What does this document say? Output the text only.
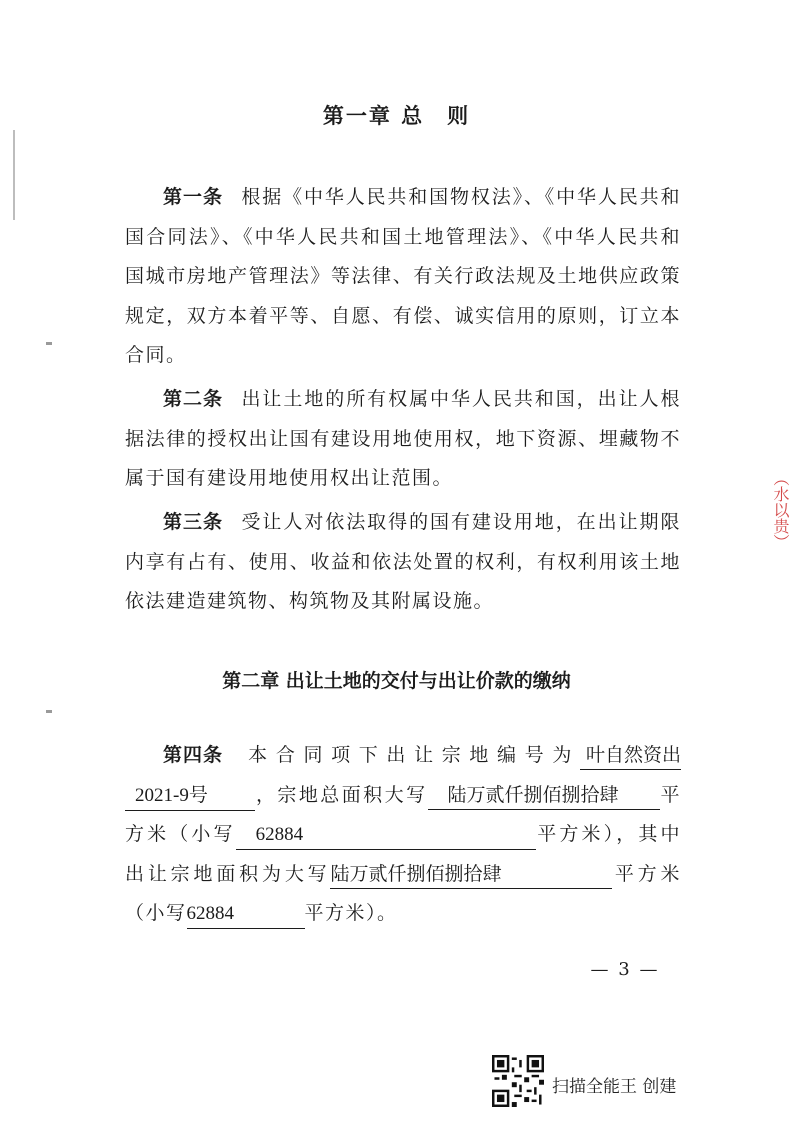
（水以贵）
第一章 总　则
第一条 根据《中华人民共和国物权法》、《中华人民共和国合同法》、《中华人民共和国土地管理法》、《中华人民共和国城市房地产管理法》等法律、有关行政法规及土地供应政策规定，双方本着平等、自愿、有偿、诚实信用的原则，订立本合同。
第二条 出让土地的所有权属中华人民共和国，出让人根据法律的授权出让国有建设用地使用权，地下资源、埋藏物不属于国有建设用地使用权出让范围。
第三条 受让人对依法取得的国有建设用地，在出让期限内享有占有、使用、收益和依法处置的权利，有权利用该土地依法建造建筑物、构筑物及其附属设施。
第二章 出让土地的交付与出让价款的缴纳
第四条 本合同项下出让宗地编号为 叶自然资出2021-9号 ，宗地总面积大写 陆万贰仟捌佰捌拾肆 平方米（小写 62884	平方米），其中出让宗地面积为大写陆万贰仟捌佰捌拾肆	平方米（小写62884	平方米）。
— 3 —
扫描全能王 创建
